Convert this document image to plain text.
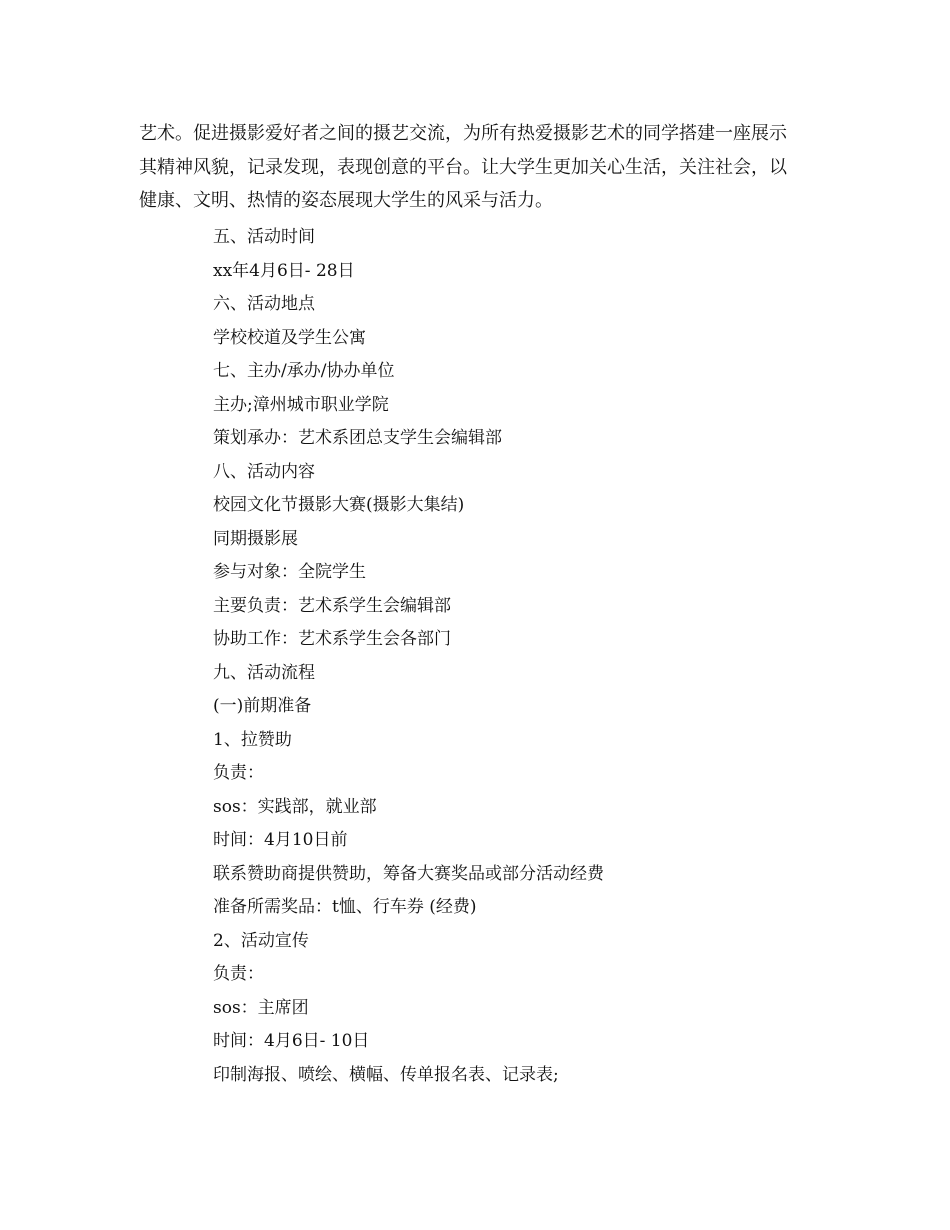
艺术。促进摄影爱好者之间的摄艺交流，为所有热爱摄影艺术的同学搭建一座展示
其精神风貌，记录发现，表现创意的平台。让大学生更加关心生活，关注社会，以
健康、文明、热情的姿态展现大学生的风采与活力。

五、活动时间
xx年4月6日- 28日
六、活动地点
学校校道及学生公寓
七、主办/承办/协办单位
主办;漳州城市职业学院
策划承办：艺术系团总支学生会编辑部
八、活动内容
校园文化节摄影大赛(摄影大集结)
同期摄影展
参与对象：全院学生
主要负责：艺术系学生会编辑部
协助工作：艺术系学生会各部门
九、活动流程
(一)前期准备
1、拉赞助
负责：
sos：实践部，就业部
时间：4月10日前
联系赞助商提供赞助，筹备大赛奖品或部分活动经费
准备所需奖品：t恤、行车券 (经费)
2、活动宣传
负责：
sos：主席团
时间：4月6日- 10日
印制海报、喷绘、横幅、传单报名表、记录表;
